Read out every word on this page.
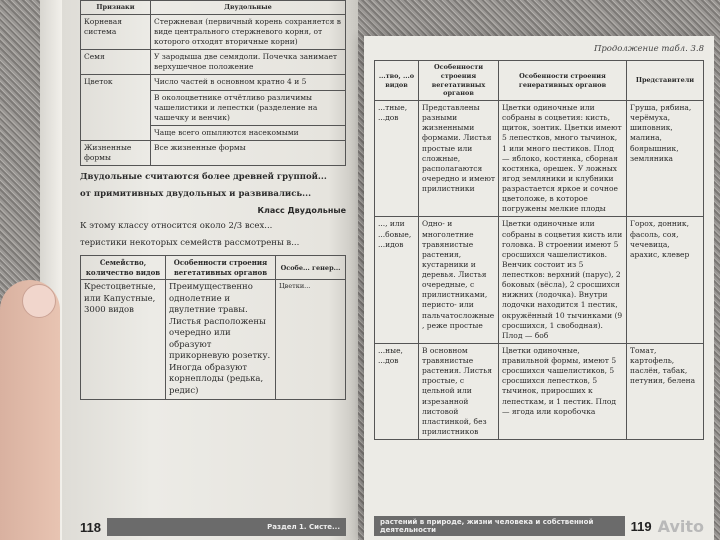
Признаки	Двудольные
Корневая система	Стержневая (первичный корень сохраняется в виде центрального стержневого корня, от которого отходят вторичные корни)
Семя	У зародыша две семядоли. Почечка занимает верхушечное положение
Цветок	Число частей в основном кратно 4 и 5
	В околоцветнике отчётливо различимы чашелистики и лепестки (разделение на чашечку и венчик)
	Чаще всего опыляются насекомыми
Жизненные формы	Все жизненные формы
Двудольные считаются более древней группой...
от примитивных двудольных и развивались...
Класс Двудольные
К этому классу относится около 2/3 всех...
теристики некоторых семейств рассмотрены в...
Семейство, количество видов	Особенности строения вегетативных органов	Особе... генер...
Крестоцветные, или Капустные, 3000 видов	Преимущественно однолетние и двулетние травы. Листья расположены очередно или образуют прикорневую розетку. Иногда образуют корнеплоды (редька, редис)	Цветки...
118	Раздел 1. Систе...
Продолжение табл. 3.8
...тво, ...о видов	Особенности строения вегетативных органов	Особенности строения генеративных органов	Представители
...тные, ...дов	Представлены разными жизненными формами. Листья простые или сложные, располагаются очередно и имеют прилистники	Цветки одиночные или собраны в соцветия: кисть, щиток, зонтик. Цветки имеют 5 лепестков, много тычинок, 1 или много пестиков. Плод — яблоко, костянка, сборная костянка, орешек. У ложных ягод земляники и клубники разрастается яркое и сочное цветоложе, в которое погружены мелкие плоды	Груша, рябина, черёмуха, шиповник, малина, боярышник, земляника
..., или ...бовые, ...идов	Одно- и многолетние травянистые растения, кустарники и деревья. Листья очередные, с прилистниками, перисто- или пальчатосложные, реже простые	Цветки одиночные или собраны в соцветия кисть или головка. В строении имеют 5 сросшихся чашелистиков. Венчик состоит из 5 лепестков: верхний (парус), 2 боковых (вёсла), 2 сросшихся нижних (лодочка). Внутри лодочки находится 1 пестик, окружённый 10 тычинками (9 сросшихся, 1 свободная). Плод — боб	Горох, донник, фасоль, соя, чечевица, арахис, клевер
...ные, ...дов	В основном травянистые растения. Листья простые, с цельной или изрезанной листовой пластинкой, без прилистников	Цветки одиночные, правильной формы, имеют 5 сросшихся чашелистиков, 5 сросшихся лепестков, 5 тычинок, приросших к лепесткам, и 1 пестик. Плод — ягода или коробочка	Томат, картофель, паслён, табак, петуния, белена
растений в природе, жизни человека и собственной деятельности	119 Avito
